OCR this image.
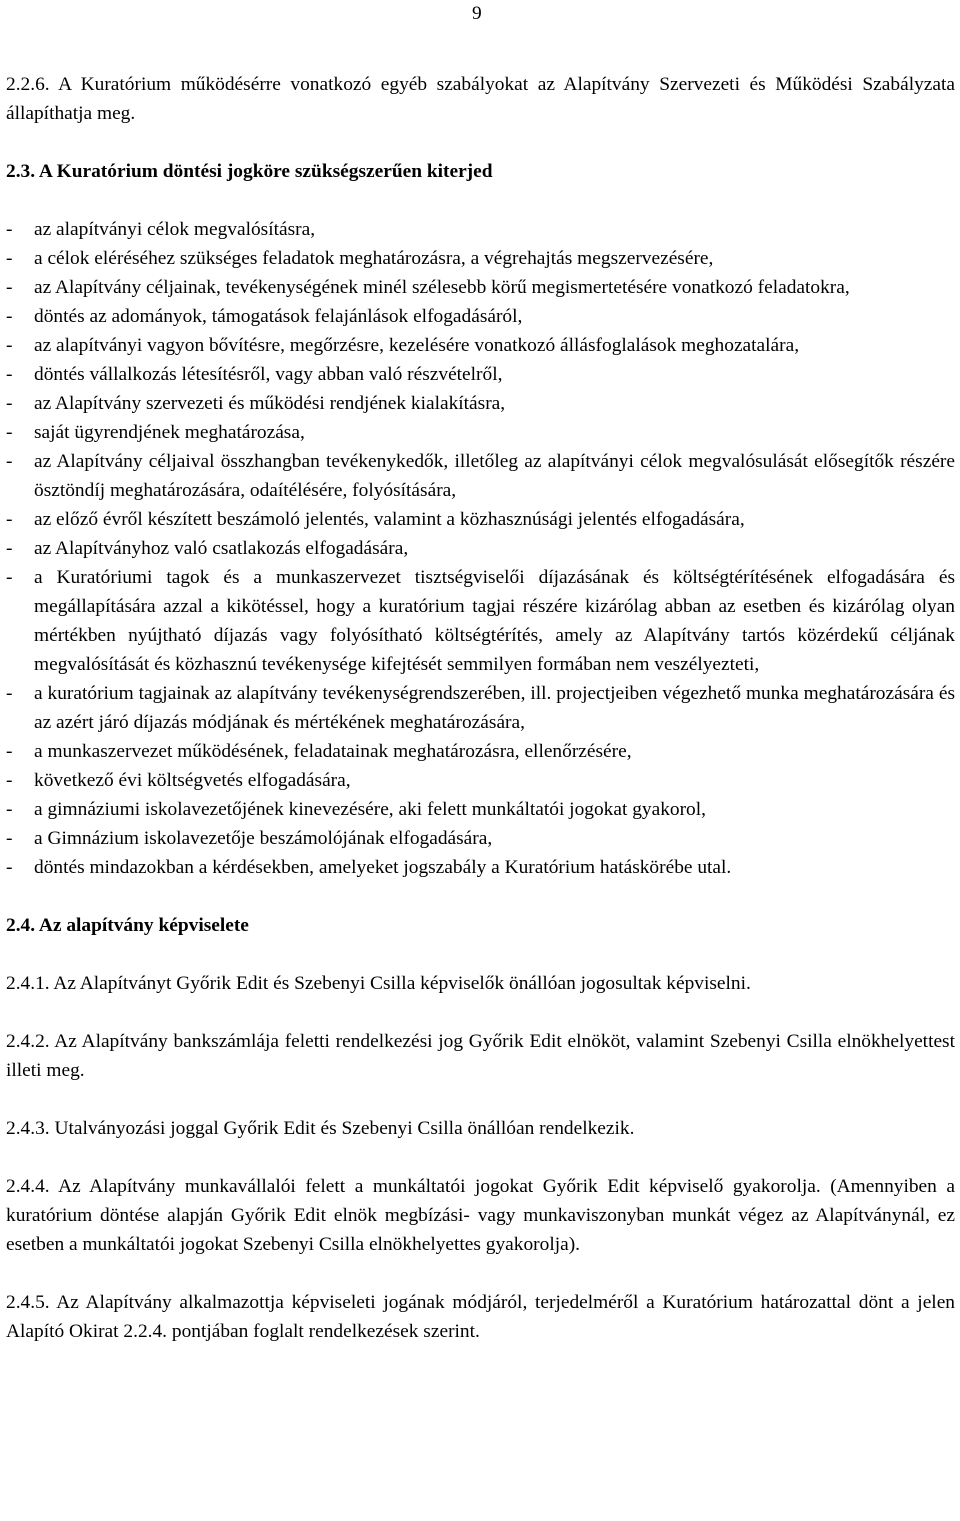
9

2.2.6. A Kuratórium működésérre vonatkozó egyéb szabályokat az Alapítvány Szervezeti és Működési Szabályzata állapíthatja meg.

2.3. A Kuratórium döntési jogköre szükségszerűen kiterjed

- az alapítványi célok megvalósításra,
- a célok eléréséhez szükséges feladatok meghatározásra, a végrehajtás megszervezésére,
- az Alapítvány céljainak, tevékenységének minél szélesebb körű megismertetésére vonatkozó feladatokra,
- döntés az adományok, támogatások felajánlások elfogadásáról,
- az alapítványi vagyon bővítésre, megőrzésre, kezelésére vonatkozó állásfoglalások meghozatalára,
- döntés vállalkozás létesítésről, vagy abban való részvételről,
- az Alapítvány szervezeti és működési rendjének kialakításra,
- saját ügyrendjének meghatározása,
- az Alapítvány céljaival összhangban tevékenykedők, illetőleg az alapítványi célok megvalósulását elősegítők részére ösztöndíj meghatározására, odaítélésére, folyósítására,
- az előző évről készített beszámoló jelentés, valamint a közhasznúsági jelentés elfogadására,
- az Alapítványhoz való csatlakozás elfogadására,
- a Kuratóriumi tagok és a munkaszervezet tisztségviselői díjazásának és költségtérítésének elfogadására és megállapítására azzal a kikötéssel, hogy a kuratórium tagjai részére kizárólag abban az esetben és kizárólag olyan mértékben nyújtható díjazás vagy folyósítható költségtérítés, amely az Alapítvány tartós közérdekű céljának megvalósítását és közhasznú tevékenysége kifejtését semmilyen formában nem veszélyezteti,
- a kuratórium tagjainak az alapítvány tevékenységrendszerében, ill. projectjeiben végezhető munka meghatározására és az azért járó díjazás módjának és mértékének meghatározására,
- a munkaszervezet működésének, feladatainak meghatározásra, ellenőrzésére,
- következő évi költségvetés elfogadására,
- a gimnáziumi iskolavezetőjének kinevezésére, aki felett munkáltatói jogokat gyakorol,
- a Gimnázium iskolavezetője beszámolójának elfogadására,
- döntés mindazokban a kérdésekben, amelyeket jogszabály a Kuratórium hatáskörébe utal.

2.4. Az alapítvány képviselete

2.4.1. Az Alapítványt Győrik Edit és Szebenyi Csilla képviselők önállóan jogosultak képviselni.

2.4.2. Az Alapítvány bankszámlája feletti rendelkezési jog Győrik Edit elnököt, valamint Szebenyi Csilla elnökhelyettest illeti meg.

2.4.3. Utalványozási joggal Győrik Edit és Szebenyi Csilla önállóan rendelkezik.

2.4.4. Az Alapítvány munkavállalói felett a munkáltatói jogokat Győrik Edit képviselő gyakorolja. (Amennyiben a kuratórium döntése alapján Győrik Edit elnök megbízási- vagy munkaviszonyban munkát végez az Alapítványnál, ez esetben a munkáltatói jogokat Szebenyi Csilla elnökhelyettes gyakorolja).

2.4.5. Az Alapítvány alkalmazottja képviseleti jogának módjáról, terjedelméről a Kuratórium határozattal dönt a jelen Alapító Okirat 2.2.4. pontjában foglalt rendelkezések szerint.
